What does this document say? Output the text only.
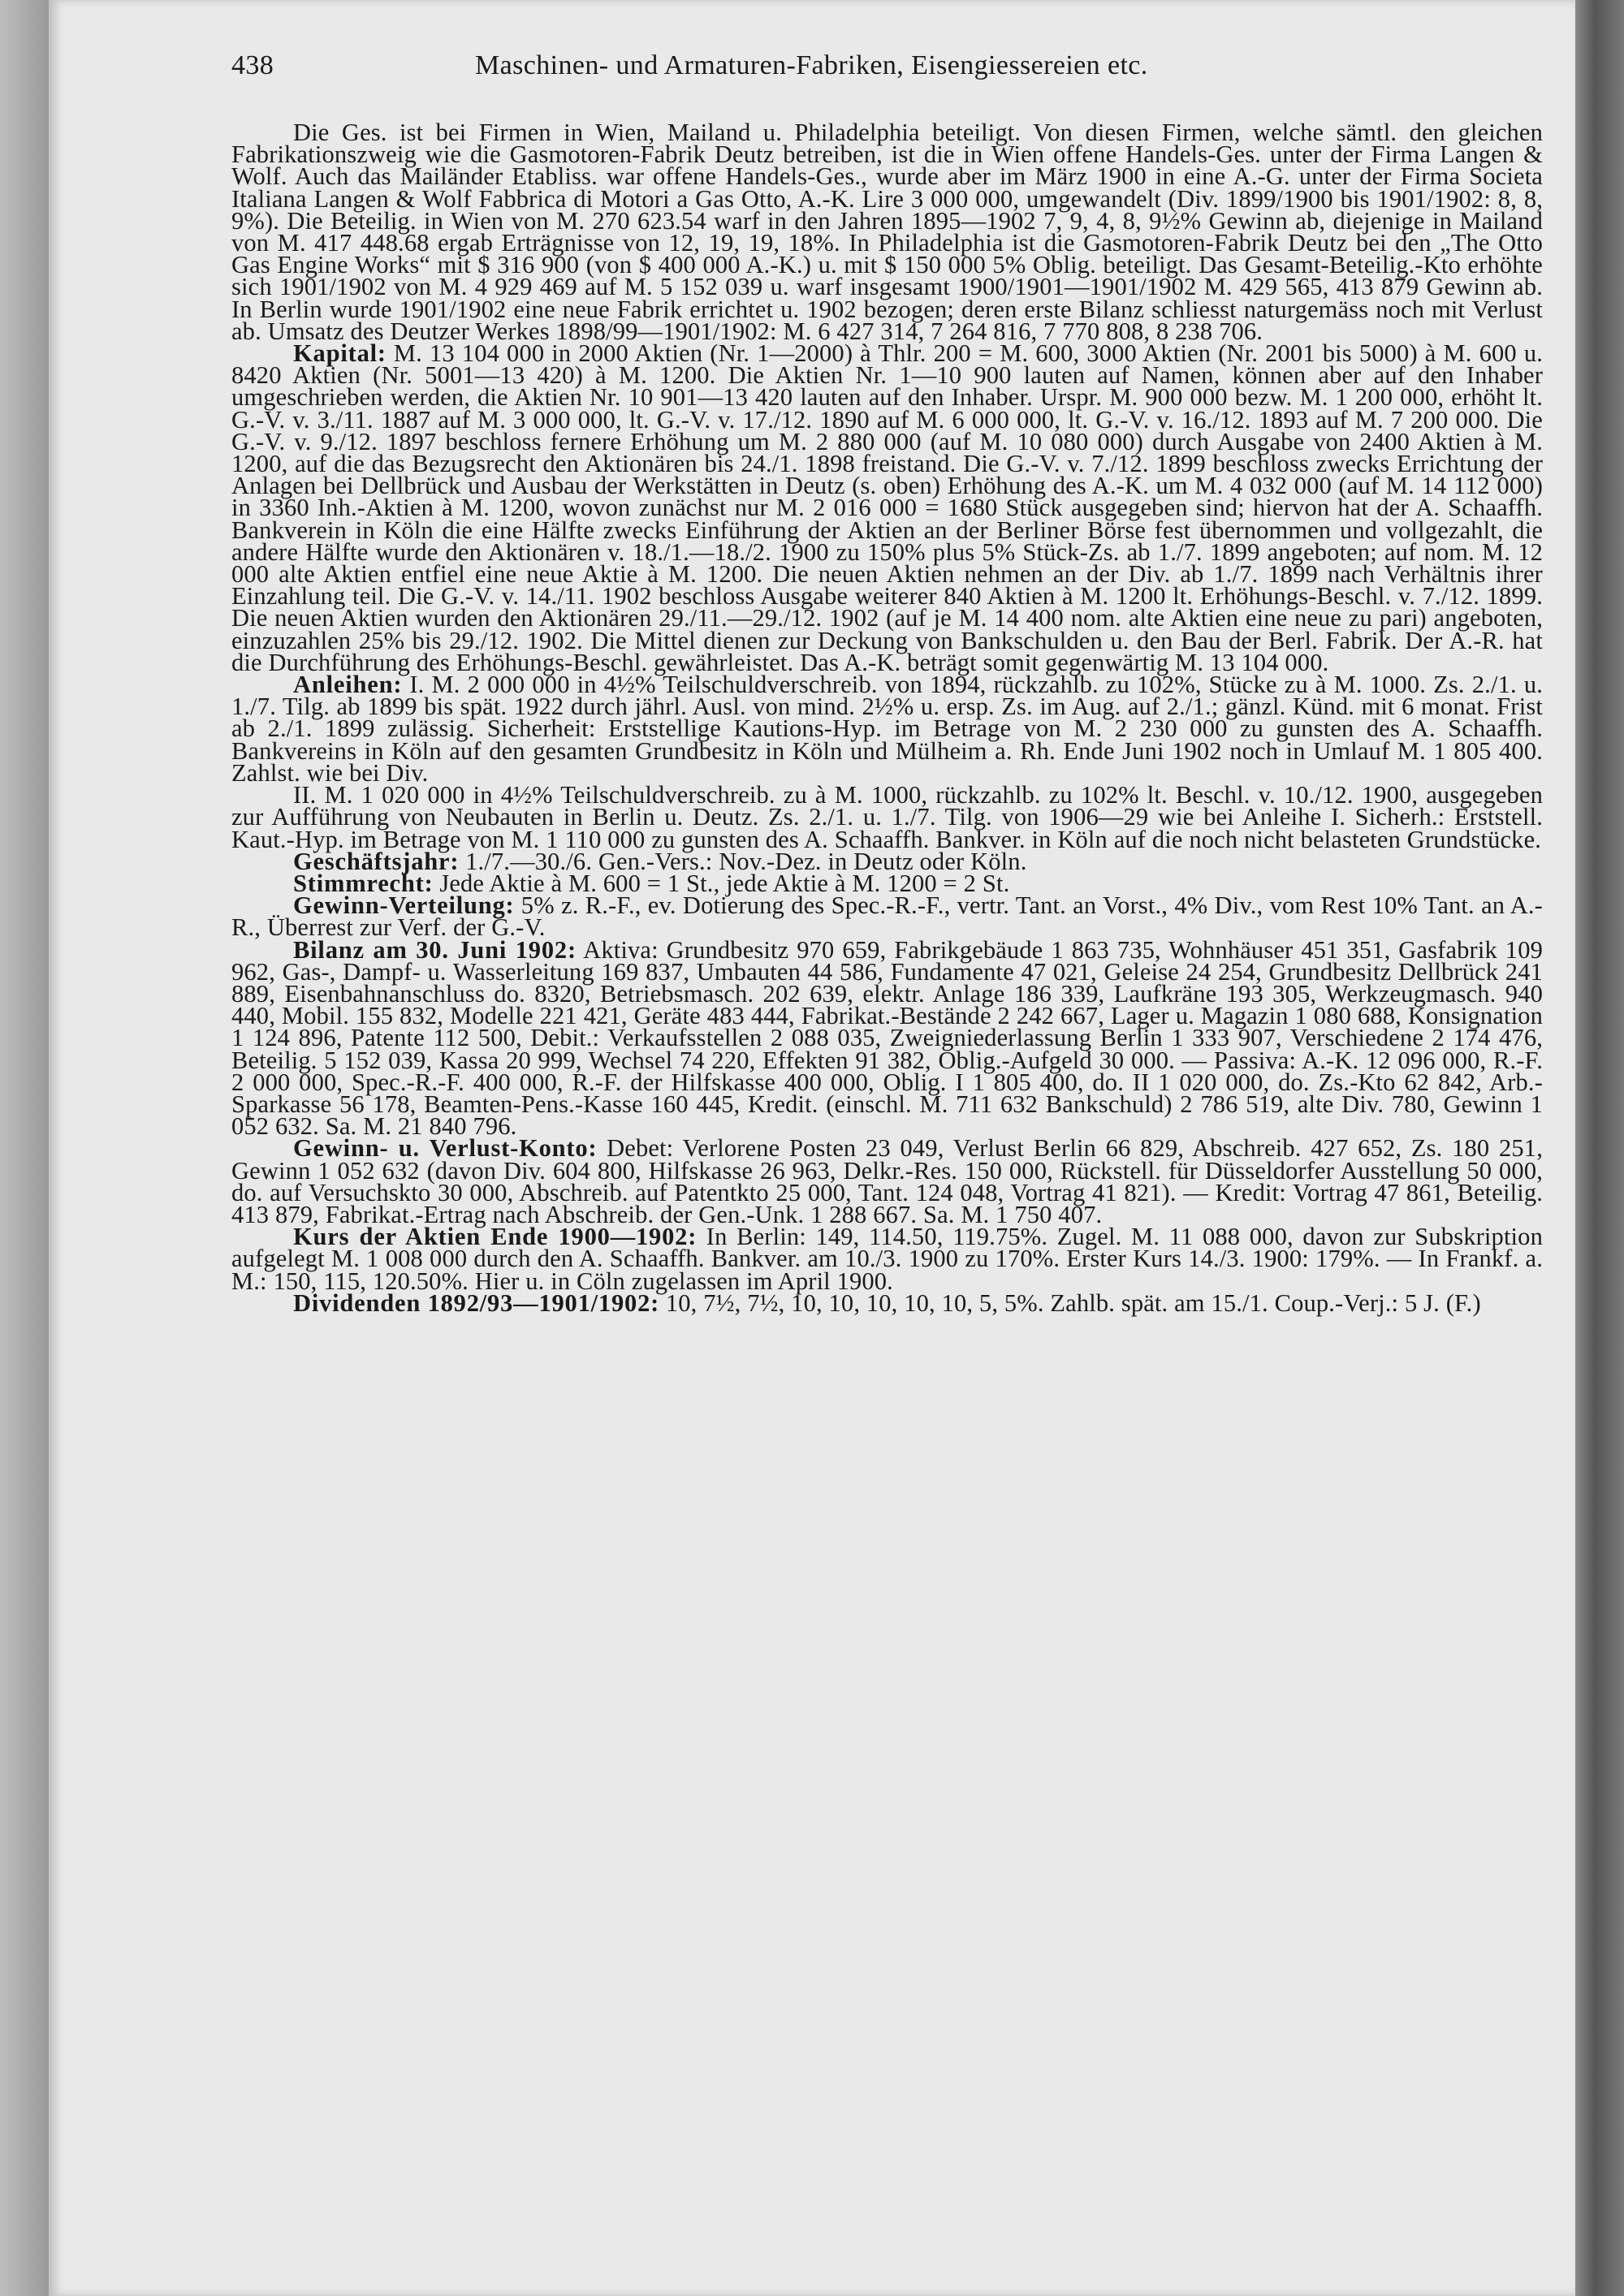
438	Maschinen- und Armaturen-Fabriken, Eisengiessereien etc.

Die Ges. ist bei Firmen in Wien, Mailand u. Philadelphia beteiligt. Von diesen Firmen, welche sämtl. den gleichen Fabrikationszweig wie die Gasmotoren-Fabrik Deutz betreiben, ist die in Wien offene Handels-Ges. unter der Firma Langen & Wolf. Auch das Mailänder Etabliss. war offene Handels-Ges., wurde aber im März 1900 in eine A.-G. unter der Firma Societa Italiana Langen & Wolf Fabbrica di Motori a Gas Otto, A.-K. Lire 3 000 000, umgewandelt (Div. 1899/1900 bis 1901/1902: 8, 8, 9%). Die Beteilig. in Wien von M. 270 623.54 warf in den Jahren 1895—1902 7, 9, 4, 8, 9½% Gewinn ab, diejenige in Mailand von M. 417 448.68 ergab Erträgnisse von 12, 19, 19, 18%. In Philadelphia ist die Gasmotoren-Fabrik Deutz bei den „The Otto Gas Engine Works“ mit $ 316 900 (von $ 400 000 A.-K.) u. mit $ 150 000 5% Oblig. beteiligt. Das Gesamt-Beteilig.-Kto erhöhte sich 1901/1902 von M. 4 929 469 auf M. 5 152 039 u. warf insgesamt 1900/1901—1901/1902 M. 429 565, 413 879 Gewinn ab. In Berlin wurde 1901/1902 eine neue Fabrik errichtet u. 1902 bezogen; deren erste Bilanz schliesst naturgemäss noch mit Verlust ab. Umsatz des Deutzer Werkes 1898/99—1901/1902: M. 6 427 314, 7 264 816, 7 770 808, 8 238 706.

Kapital: M. 13 104 000 in 2000 Aktien (Nr. 1—2000) à Thlr. 200 = M. 600, 3000 Aktien (Nr. 2001 bis 5000) à M. 600 u. 8420 Aktien (Nr. 5001—13 420) à M. 1200. Die Aktien Nr. 1—10 900 lauten auf Namen, können aber auf den Inhaber umgeschrieben werden, die Aktien Nr. 10 901—13 420 lauten auf den Inhaber. Urspr. M. 900 000 bezw. M. 1 200 000, erhöht lt. G.-V. v. 3./11. 1887 auf M. 3 000 000, lt. G.-V. v. 17./12. 1890 auf M. 6 000 000, lt. G.-V. v. 16./12. 1893 auf M. 7 200 000. Die G.-V. v. 9./12. 1897 beschloss fernere Erhöhung um M. 2 880 000 (auf M. 10 080 000) durch Ausgabe von 2400 Aktien à M. 1200, auf die das Bezugsrecht den Aktionären bis 24./1. 1898 freistand. Die G.-V. v. 7./12. 1899 beschloss zwecks Errichtung der Anlagen bei Dellbrück und Ausbau der Werkstätten in Deutz (s. oben) Erhöhung des A.-K. um M. 4 032 000 (auf M. 14 112 000) in 3360 Inh.-Aktien à M. 1200, wovon zunächst nur M. 2 016 000 = 1680 Stück ausgegeben sind; hiervon hat der A. Schaaffh. Bankverein in Köln die eine Hälfte zwecks Einführung der Aktien an der Berliner Börse fest übernommen und vollgezahlt, die andere Hälfte wurde den Aktionären v. 18./1.—18./2. 1900 zu 150% plus 5% Stück-Zs. ab 1./7. 1899 angeboten; auf nom. M. 12 000 alte Aktien entfiel eine neue Aktie à M. 1200. Die neuen Aktien nehmen an der Div. ab 1./7. 1899 nach Verhältnis ihrer Einzahlung teil. Die G.-V. v. 14./11. 1902 beschloss Ausgabe weiterer 840 Aktien à M. 1200 lt. Erhöhungs-Beschl. v. 7./12. 1899. Die neuen Aktien wurden den Aktionären 29./11.—29./12. 1902 (auf je M. 14 400 nom. alte Aktien eine neue zu pari) angeboten, einzuzahlen 25% bis 29./12. 1902. Die Mittel dienen zur Deckung von Bankschulden u. den Bau der Berl. Fabrik. Der A.-R. hat die Durchführung des Erhöhungs-Beschl. gewährleistet. Das A.-K. beträgt somit gegenwärtig M. 13 104 000.

Anleihen: I. M. 2 000 000 in 4½% Teilschuldverschreib. von 1894, rückzahlb. zu 102%, Stücke zu à M. 1000. Zs. 2./1. u. 1./7. Tilg. ab 1899 bis spät. 1922 durch jährl. Ausl. von mind. 2½% u. ersp. Zs. im Aug. auf 2./1.; gänzl. Künd. mit 6 monat. Frist ab 2./1. 1899 zulässig. Sicherheit: Erststellige Kautions-Hyp. im Betrage von M. 2 230 000 zu gunsten des A. Schaaffh. Bankvereins in Köln auf den gesamten Grundbesitz in Köln und Mülheim a. Rh. Ende Juni 1902 noch in Umlauf M. 1 805 400. Zahlst. wie bei Div.

II. M. 1 020 000 in 4½% Teilschuldverschreib. zu à M. 1000, rückzahlb. zu 102% lt. Beschl. v. 10./12. 1900, ausgegeben zur Aufführung von Neubauten in Berlin u. Deutz. Zs. 2./1. u. 1./7. Tilg. von 1906—29 wie bei Anleihe I. Sicherh.: Erststell. Kaut.-Hyp. im Betrage von M. 1 110 000 zu gunsten des A. Schaaffh. Bankver. in Köln auf die noch nicht belasteten Grundstücke.

Geschäftsjahr: 1./7.—30./6. Gen.-Vers.: Nov.-Dez. in Deutz oder Köln.

Stimmrecht: Jede Aktie à M. 600 = 1 St., jede Aktie à M. 1200 = 2 St.

Gewinn-Verteilung: 5% z. R.-F., ev. Dotierung des Spec.-R.-F., vertr. Tant. an Vorst., 4% Div., vom Rest 10% Tant. an A.-R., Überrest zur Verf. der G.-V.

Bilanz am 30. Juni 1902: Aktiva: Grundbesitz 970 659, Fabrikgebäude 1 863 735, Wohnhäuser 451 351, Gasfabrik 109 962, Gas-, Dampf- u. Wasserleitung 169 837, Umbauten 44 586, Fundamente 47 021, Geleise 24 254, Grundbesitz Dellbrück 241 889, Eisenbahnanschluss do. 8320, Betriebsmasch. 202 639, elektr. Anlage 186 339, Laufkräne 193 305, Werkzeugmasch. 940 440, Mobil. 155 832, Modelle 221 421, Geräte 483 444, Fabrikat.-Bestände 2 242 667, Lager u. Magazin 1 080 688, Konsignation 1 124 896, Patente 112 500, Debit.: Verkaufsstellen 2 088 035, Zweigniederlassung Berlin 1 333 907, Verschiedene 2 174 476, Beteilig. 5 152 039, Kassa 20 999, Wechsel 74 220, Effekten 91 382, Oblig.-Aufgeld 30 000. — Passiva: A.-K. 12 096 000, R.-F. 2 000 000, Spec.-R.-F. 400 000, R.-F. der Hilfskasse 400 000, Oblig. I 1 805 400, do. II 1 020 000, do. Zs.-Kto 62 842, Arb.-Sparkasse 56 178, Beamten-Pens.-Kasse 160 445, Kredit. (einschl. M. 711 632 Bankschuld) 2 786 519, alte Div. 780, Gewinn 1 052 632. Sa. M. 21 840 796.

Gewinn- u. Verlust-Konto: Debet: Verlorene Posten 23 049, Verlust Berlin 66 829, Abschreib. 427 652, Zs. 180 251, Gewinn 1 052 632 (davon Div. 604 800, Hilfskasse 26 963, Delkr.-Res. 150 000, Rückstell. für Düsseldorfer Ausstellung 50 000, do. auf Versuchskto 30 000, Abschreib. auf Patentkto 25 000, Tant. 124 048, Vortrag 41 821). — Kredit: Vortrag 47 861, Beteilig. 413 879, Fabrikat.-Ertrag nach Abschreib. der Gen.-Unk. 1 288 667. Sa. M. 1 750 407.

Kurs der Aktien Ende 1900—1902: In Berlin: 149, 114.50, 119.75%. Zugel. M. 11 088 000, davon zur Subskription aufgelegt M. 1 008 000 durch den A. Schaaffh. Bankver. am 10./3. 1900 zu 170%. Erster Kurs 14./3. 1900: 179%. — In Frankf. a. M.: 150, 115, 120.50%. Hier u. in Cöln zugelassen im April 1900.

Dividenden 1892/93—1901/1902: 10, 7½, 7½, 10, 10, 10, 10, 10, 5, 5%. Zahlb. spät. am 15./1. Coup.-Verj.: 5 J. (F.)
